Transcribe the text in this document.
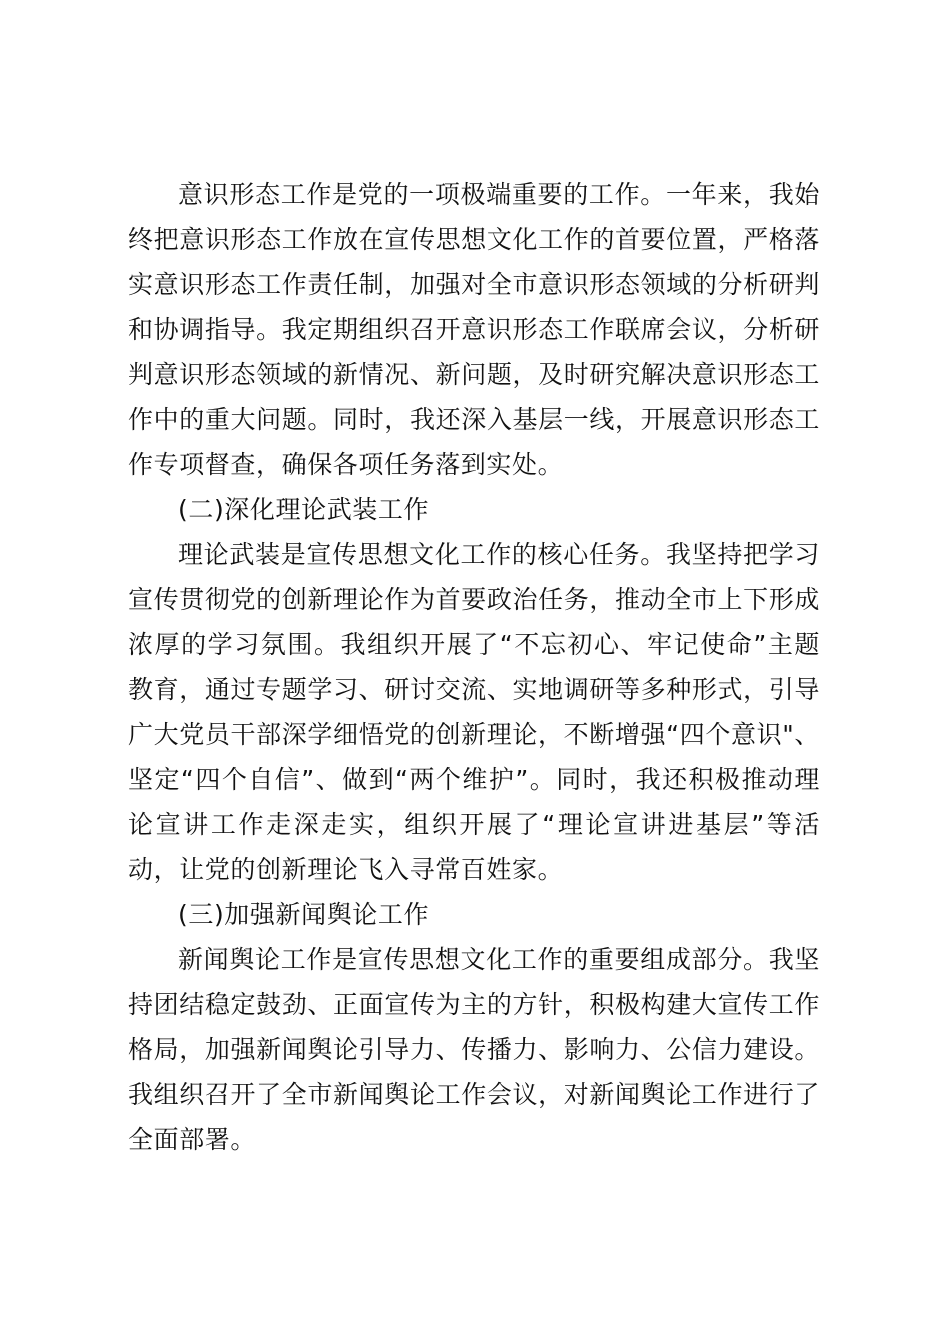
意识形态工作是党的一项极端重要的工作。一年来，我始终把意识形态工作放在宣传思想文化工作的首要位置，严格落实意识形态工作责任制，加强对全市意识形态领域的分析研判和协调指导。我定期组织召开意识形态工作联席会议，分析研判意识形态领域的新情况、新问题，及时研究解决意识形态工作中的重大问题。同时，我还深入基层一线，开展意识形态工作专项督查，确保各项任务落到实处。

(二)深化理论武装工作

理论武装是宣传思想文化工作的核心任务。我坚持把学习宣传贯彻党的创新理论作为首要政治任务，推动全市上下形成浓厚的学习氛围。我组织开展了“不忘初心、牢记使命”主题教育，通过专题学习、研讨交流、实地调研等多种形式，引导广大党员干部深学细悟党的创新理论，不断增强“四个意识"、坚定“四个自信”、做到“两个维护”。同时，我还积极推动理论宣讲工作走深走实，组织开展了“理论宣讲进基层”等活动，让党的创新理论飞入寻常百姓家。

(三)加强新闻舆论工作

新闻舆论工作是宣传思想文化工作的重要组成部分。我坚持团结稳定鼓劲、正面宣传为主的方针，积极构建大宣传工作格局，加强新闻舆论引导力、传播力、影响力、公信力建设。我组织召开了全市新闻舆论工作会议，对新闻舆论工作进行了全面部署。
